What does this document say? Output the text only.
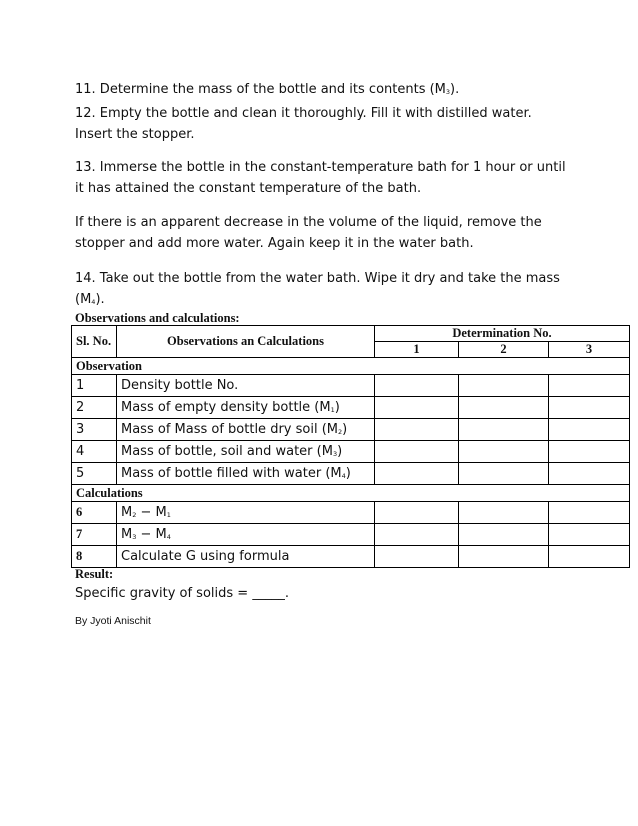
11. Determine the mass of the bottle and its contents $(M_3)$.

12. Empty the bottle and clean it thoroughly. Fill it with distilled water.

Insert the stopper.

13. Immerse the bottle in the constant-temperature bath for 1 hour or until

it has attained the constant temperature of the bath.

If there is an apparent decrease in the volume of the liquid, remove the

stopper and add more water. Again keep it in the water bath.

14. Take out the bottle from the water bath. Wipe it dry and take the mass

$(M_4)$.

Observations and calculations:
Sl. No.	Observations an Calculations	Determination No.		
		1	2	3
Observation				
1	Density bottle No.			
2	Mass of empty density bottle $(M_1)$			
3	Mass of Mass of bottle dry soil $(M_2)$			
4	Mass of bottle, soil and water $(M_3)$			
5	Mass of bottle filled with water $(M_4)$			
Calculations				
6	$M_2 - M_1$			
7	$M_3 - M_4$			
8	Calculate G using formula			
Result:
Specific gravity of solids = _____.
By Jyoti Anischit
